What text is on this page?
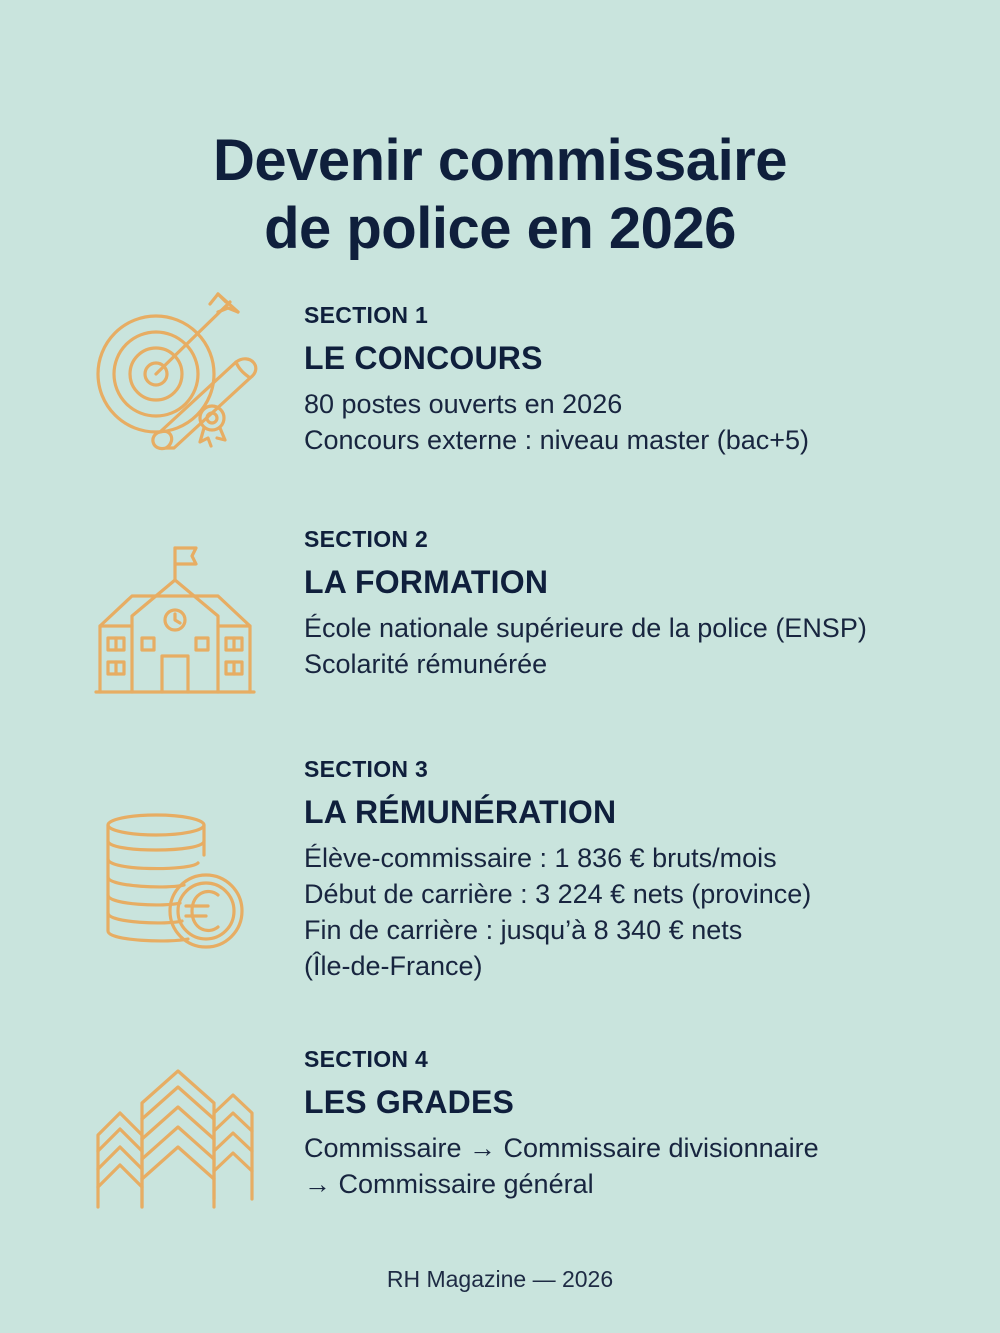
Devenir commissaire
de police en 2026
SECTION 1
LE CONCOURS
80 postes ouverts en 2026
Concours externe : niveau master (bac+5)
SECTION 2
LA FORMATION
École nationale supérieure de la police (ENSP)
Scolarité rémunérée
SECTION 3
LA RÉMUNÉRATION
Élève-commissaire : 1 836 € bruts/mois
Début de carrière : 3 224 € nets (province)
Fin de carrière : jusqu’à 8 340 € nets
(Île-de-France)
SECTION 4
LES GRADES
Commissaire → Commissaire divisionnaire
→ Commissaire général
RH Magazine — 2026
